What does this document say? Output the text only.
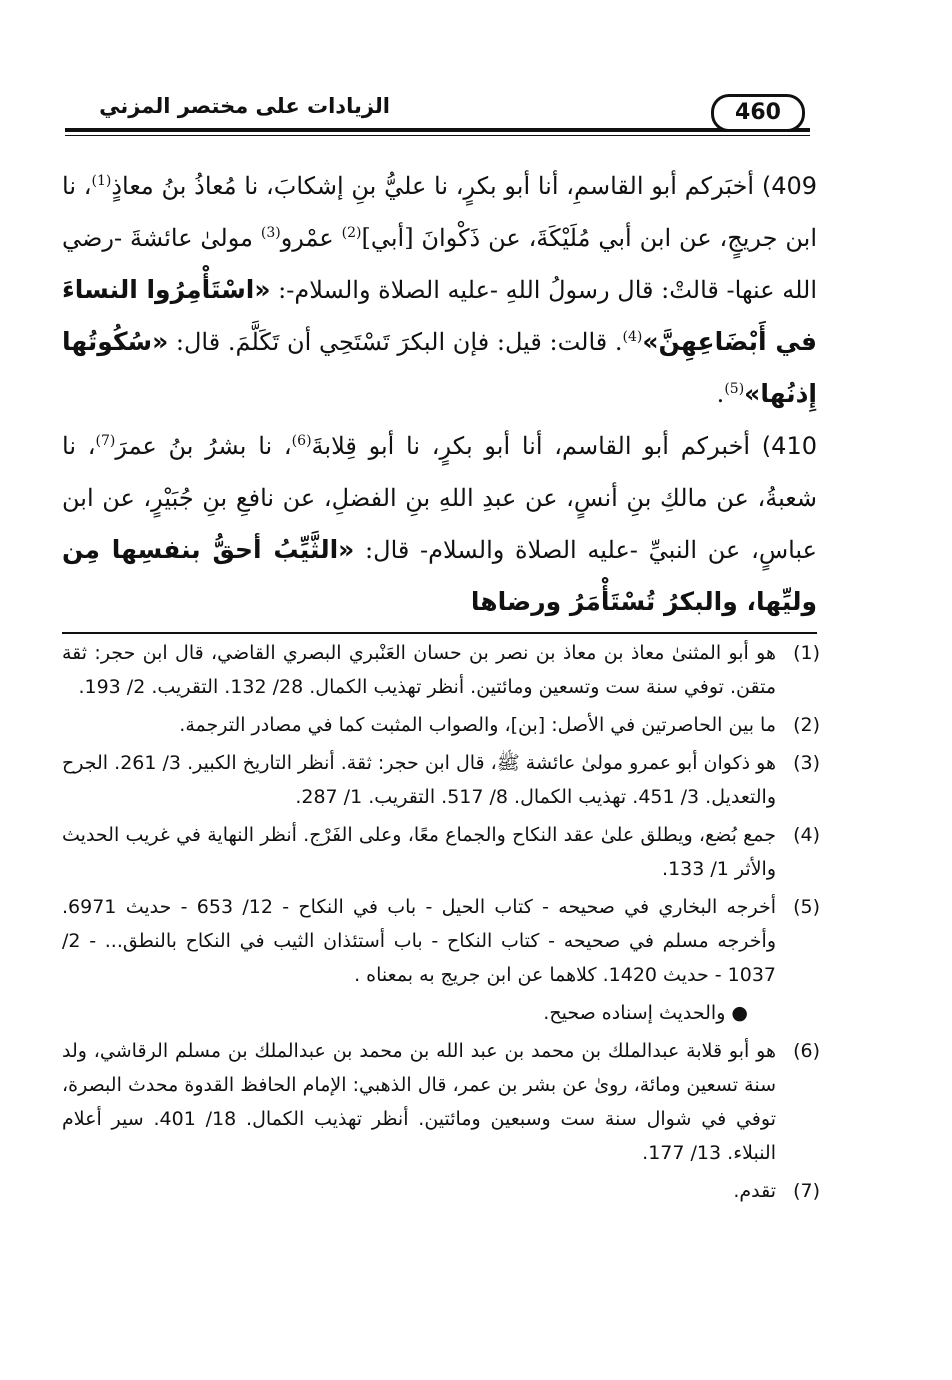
الزيادات على مختصر المزني	460

409) أخبَركم أبو القاسمِ، أنا أبو بكرٍ، نا عليُّ بنِ إشكابَ، نا مُعاذُ بنُ معاذٍ$^{(1)}$، نا ابن جريجٍ، عن ابن أبي مُلَيْكَةَ، عن ذَكْوانَ [أبي]$^{(2)}$ عمْرو$^{(3)}$ مولىٰ عائشةَ -رضي الله عنها- قالتْ: قال رسولُ اللهِ -عليه الصلاة والسلام-: «اسْتَأْمِرُوا النساءَ في أَبْضَاعِهِنَّ»$^{(4)}$. قالت: قيل: فإن البكرَ تَسْتَحِي أن تَكَلَّمَ. قال: «سُكُوتُها إِذنُها»$^{(5)}$.

410) أخبركم أبو القاسم، أنا أبو بكرٍ، نا أبو قِلابةَ$^{(6)}$، نا بشرُ بنُ عمرَ$^{(7)}$، نا شعبةُ، عن مالكِ بنِ أنسٍ، عن عبدِ اللهِ بنِ الفضلِ، عن نافعِ بنِ جُبَيْرٍ، عن ابن عباسٍ، عن النبيِّ -عليه الصلاة والسلام- قال: «الثَّيِّبُ أحقُّ بنفسِها مِن وليِّها، والبكرُ تُسْتَأْمَرُ ورضاها

(1)
هو أبو المثنىٰ معاذ بن معاذ بن نصر بن حسان العَنْبري البصري القاضي، قال ابن حجر: ثقة متقن. توفي سنة ست وتسعين ومائتين. أنظر تهذيب الكمال. 28/ 132. التقريب. 2/ 193.
(2)
ما بين الحاصرتين في الأصل: [بن]، والصواب المثبت كما في مصادر الترجمة.
(3)
هو ذكوان أبو عمرو مولىٰ عائشة ﷺ، قال ابن حجر: ثقة. أنظر التاريخ الكبير. 3/ 261. الجرح والتعديل. 3/ 451. تهذيب الكمال. 8/ 517. التقريب. 1/ 287.
(4)
جمع بُضع، ويطلق علىٰ عقد النكاح والجماع معًا، وعلى الفَرْج. أنظر النهاية في غريب الحديث والأثر 1/ 133.
(5)
أخرجه البخاري في صحيحه - كتاب الحيل - باب في النكاح - 12/ 653 - حديث 6971. وأخرجه مسلم في صحيحه - كتاب النكاح - باب أستئذان الثيب في النكاح بالنطق... - 2/ 1037 - حديث 1420. كلاهما عن ابن جريج به بمعناه .
● والحديث إسناده صحيح.
(6)
هو أبو قلابة عبدالملك بن محمد بن عبد الله بن محمد بن عبدالملك بن مسلم الرقاشي، ولد سنة تسعين ومائة، روىٰ عن بشر بن عمر، قال الذهبي: الإمام الحافظ القدوة محدث البصرة، توفي في شوال سنة ست وسبعين ومائتين. أنظر تهذيب الكمال. 18/ 401. سير أعلام النبلاء. 13/ 177.
(7)
تقدم.
